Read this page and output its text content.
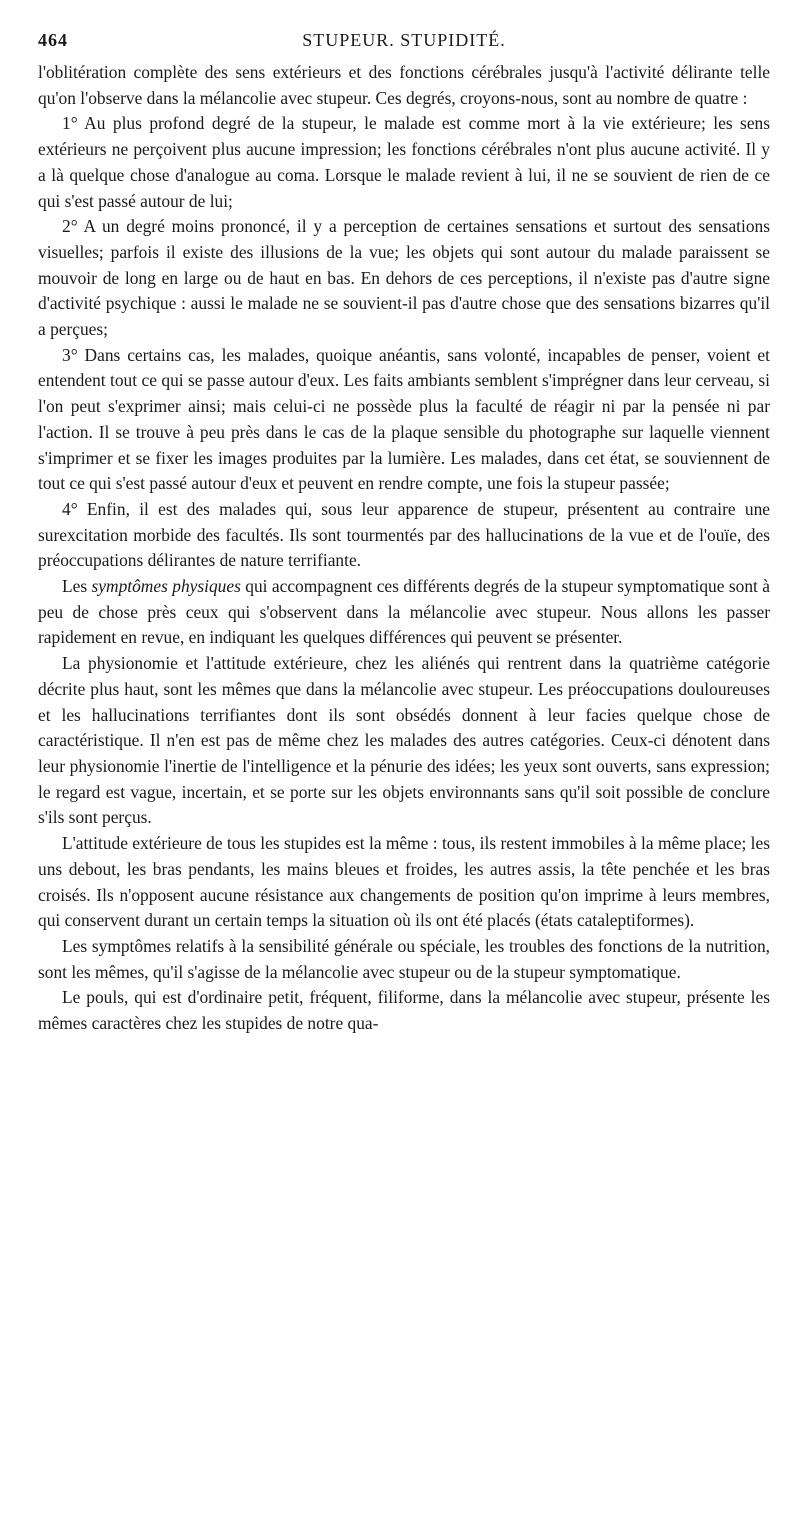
464	STUPEUR. STUPIDITÉ.

l'oblitération complète des sens extérieurs et des fonctions cérébrales jusqu'à l'activité délirante telle qu'on l'observe dans la mélancolie avec stupeur. Ces degrés, croyons-nous, sont au nombre de quatre :

1° Au plus profond degré de la stupeur, le malade est comme mort à la vie extérieure; les sens extérieurs ne perçoivent plus aucune impression; les fonctions cérébrales n'ont plus aucune activité. Il y a là quelque chose d'analogue au coma. Lorsque le malade revient à lui, il ne se souvient de rien de ce qui s'est passé autour de lui;

2° A un degré moins prononcé, il y a perception de certaines sensations et surtout des sensations visuelles; parfois il existe des illusions de la vue; les objets qui sont autour du malade paraissent se mouvoir de long en large ou de haut en bas. En dehors de ces perceptions, il n'existe pas d'autre signe d'activité psychique : aussi le malade ne se souvient-il pas d'autre chose que des sensations bizarres qu'il a perçues;

3° Dans certains cas, les malades, quoique anéantis, sans volonté, incapables de penser, voient et entendent tout ce qui se passe autour d'eux. Les faits ambiants semblent s'imprégner dans leur cerveau, si l'on peut s'exprimer ainsi; mais celui-ci ne possède plus la faculté de réagir ni par la pensée ni par l'action. Il se trouve à peu près dans le cas de la plaque sensible du photographe sur laquelle viennent s'imprimer et se fixer les images produites par la lumière. Les malades, dans cet état, se souviennent de tout ce qui s'est passé autour d'eux et peuvent en rendre compte, une fois la stupeur passée;

4° Enfin, il est des malades qui, sous leur apparence de stupeur, présentent au contraire une surexcitation morbide des facultés. Ils sont tourmentés par des hallucinations de la vue et de l'ouïe, des préoccupations délirantes de nature terrifiante.

Les symptômes physiques qui accompagnent ces différents degrés de la stupeur symptomatique sont à peu de chose près ceux qui s'observent dans la mélancolie avec stupeur. Nous allons les passer rapidement en revue, en indiquant les quelques différences qui peuvent se présenter.

La physionomie et l'attitude extérieure, chez les aliénés qui rentrent dans la quatrième catégorie décrite plus haut, sont les mêmes que dans la mélancolie avec stupeur. Les préoccupations douloureuses et les hallucinations terrifiantes dont ils sont obsédés donnent à leur facies quelque chose de caractéristique. Il n'en est pas de même chez les malades des autres catégories. Ceux-ci dénotent dans leur physionomie l'inertie de l'intelligence et la pénurie des idées; les yeux sont ouverts, sans expression; le regard est vague, incertain, et se porte sur les objets environnants sans qu'il soit possible de conclure s'ils sont perçus.

L'attitude extérieure de tous les stupides est la même : tous, ils restent immobiles à la même place; les uns debout, les bras pendants, les mains bleues et froides, les autres assis, la tête penchée et les bras croisés. Ils n'opposent aucune résistance aux changements de position qu'on imprime à leurs membres, qui conservent durant un certain temps la situation où ils ont été placés (états cataleptiformes).

Les symptômes relatifs à la sensibilité générale ou spéciale, les troubles des fonctions de la nutrition, sont les mêmes, qu'il s'agisse de la mélancolie avec stupeur ou de la stupeur symptomatique.

Le pouls, qui est d'ordinaire petit, fréquent, filiforme, dans la mélancolie avec stupeur, présente les mêmes caractères chez les stupides de notre qua-
